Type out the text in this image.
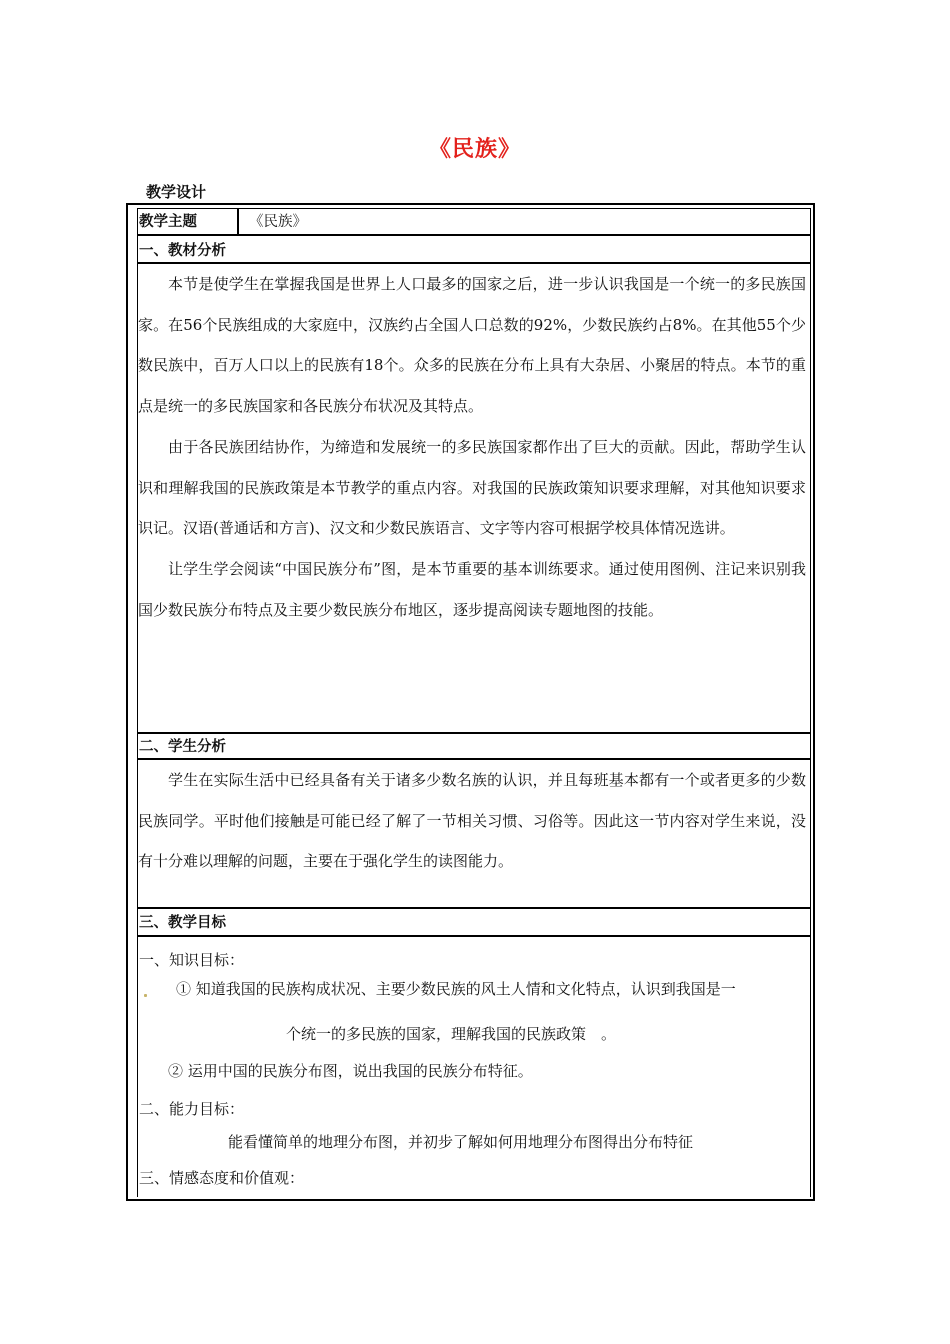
《民族》
教学设计
教学主题	《民族》
一、教材分析

本节是使学生在掌握我国是世界上人口最多的国家之后，进一步认识我国是一个统一的多民族国家。在56个民族组成的大家庭中，汉族约占全国人口总数的92%，少数民族约占8%。在其他55个少数民族中，百万人口以上的民族有18个。众多的民族在分布上具有大杂居、小聚居的特点。本节的重点是统一的多民族国家和各民族分布状况及其特点。

由于各民族团结协作，为缔造和发展统一的多民族国家都作出了巨大的贡献。因此，帮助学生认识和理解我国的民族政策是本节教学的重点内容。对我国的民族政策知识要求理解，对其他知识要求识记。汉语(普通话和方言)、汉文和少数民族语言、文字等内容可根据学校具体情况选讲。

让学生学会阅读“中国民族分布”图，是本节重要的基本训练要求。通过使用图例、注记来识别我国少数民族分布特点及主要少数民族分布地区，逐步提高阅读专题地图的技能。

二、学生分析

学生在实际生活中已经具备有关于诸多少数名族的认识，并且每班基本都有一个或者更多的少数民族同学。平时他们接触是可能已经了解了一节相关习惯、习俗等。因此这一节内容对学生来说，没有十分难以理解的问题，主要在于强化学生的读图能力。

三、教学目标
一、知识目标：
① 知道我国的民族构成状况、主要少数民族的风土人情和文化特点，认识到我国是一
个统一的多民族的国家，理解我国的民族政策　。
② 运用中国的民族分布图，说出我国的民族分布特征。
二、能力目标：
能看懂简单的地理分布图，并初步了解如何用地理分布图得出分布特征
三、情感态度和价值观：
